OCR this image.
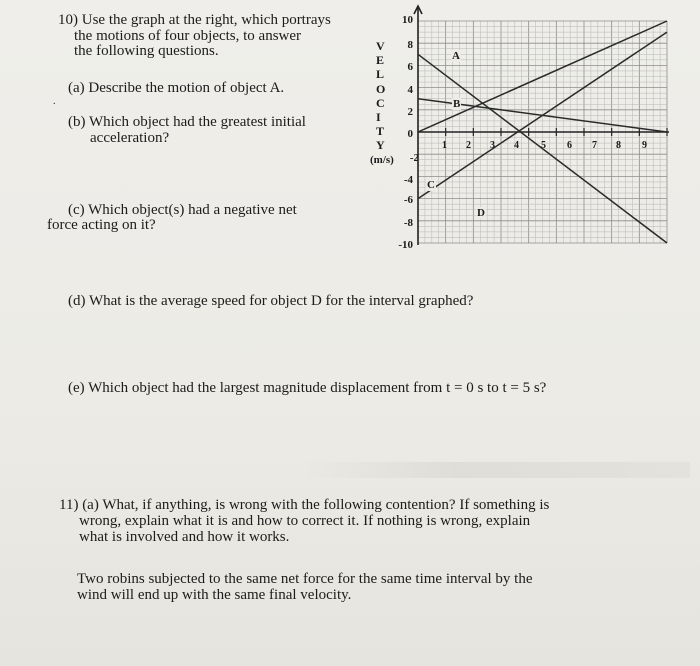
10) Use the graph at the right, which portrays
the motions of four objects, to answer
the following questions.
.
(a) Describe the motion of object A.
(b) Which object had the greatest initial
acceleration?
(c) Which object(s) had a negative net
force acting on it?
V
E
L
O
C
I
T
Y
(m/s)
10
8
6
4
2
0
-2
-4
-6
-8
-10
1 2 3 4 5 6 7 8 9
A
B
C
D
(d) What is the average speed for object D for the interval graphed?
(e) Which object had the largest magnitude displacement from t = 0 s to t = 5 s?
11) (a) What, if anything, is wrong with the following contention? If something is
wrong, explain what it is and how to correct it. If nothing is wrong, explain
what is involved and how it works.
Two robins subjected to the same net force for the same time interval by the
wind will end up with the same final velocity.
